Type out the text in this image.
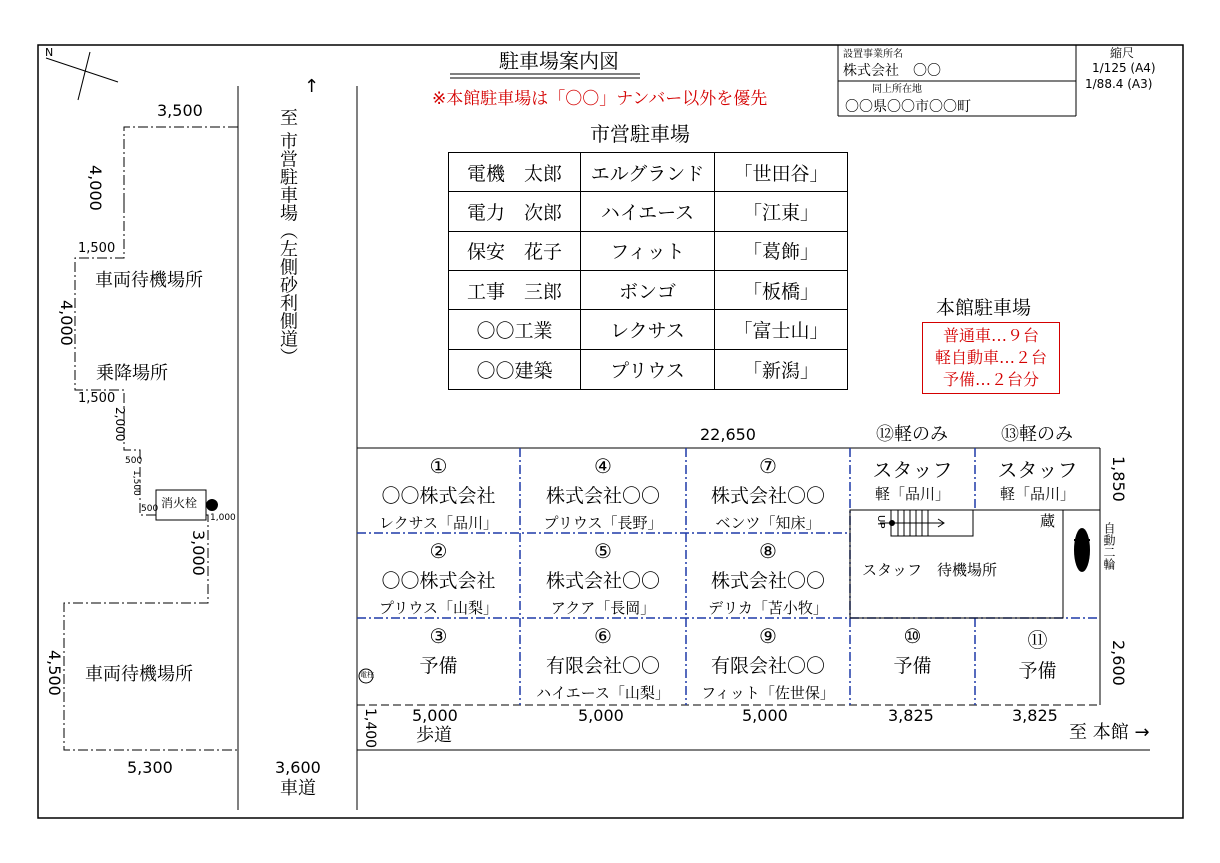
駐車場案内図
※本館駐車場は「〇〇」ナンバー以外を優先
設置事業所名
株式会社　〇〇
同上所在地
〇〇県〇〇市〇〇町
縮尺
1/125 (A4)
1/88.4 (A3)
N
市営駐車場
電機　太郎	エルグランド	「世田谷」
電力　次郎	ハイエース	「江東」
保安　花子	フィット	「葛飾」
工事　三郎	ボンゴ	「板橋」
〇〇工業	レクサス	「富士山」
〇〇建築	プリウス	「新潟」
本館駐車場
普通車…９台
軽自動車…２台
予備…２台分
↑
至 市営駐車場（左側砂利側道）
至 本館 →
歩道
車道
車両待機場所
乗降場所
消火栓
車両待機場所
3,500
4,000
1,500
4,000
1,500
2,000
500
1,500
500
1,000
3,000
4,500
5,300	3,600
1,400
22,650	⑫軽のみ	⑬軽のみ
1,850
2,600
5,000	5,000	5,000	3,825	3,825
①
〇〇株式会社
レクサス「品川」
④
株式会社〇〇
プリウス「長野」
⑦
株式会社〇〇
ベンツ「知床」
②
〇〇株式会社
プリウス「山梨」
⑤
株式会社〇〇
アクア「長岡」
⑧
株式会社〇〇
デリカ「苫小牧」
③
予備
⑥
有限会社〇〇
ハイエース「山梨」
⑨
有限会社〇〇
フィット「佐世保」
⑩
予備
⑪
予備
スタッフ
軽「品川」
スタッフ
軽「品川」
スタッフ　待機場所
UP	蔵
自動二輪
電柱
